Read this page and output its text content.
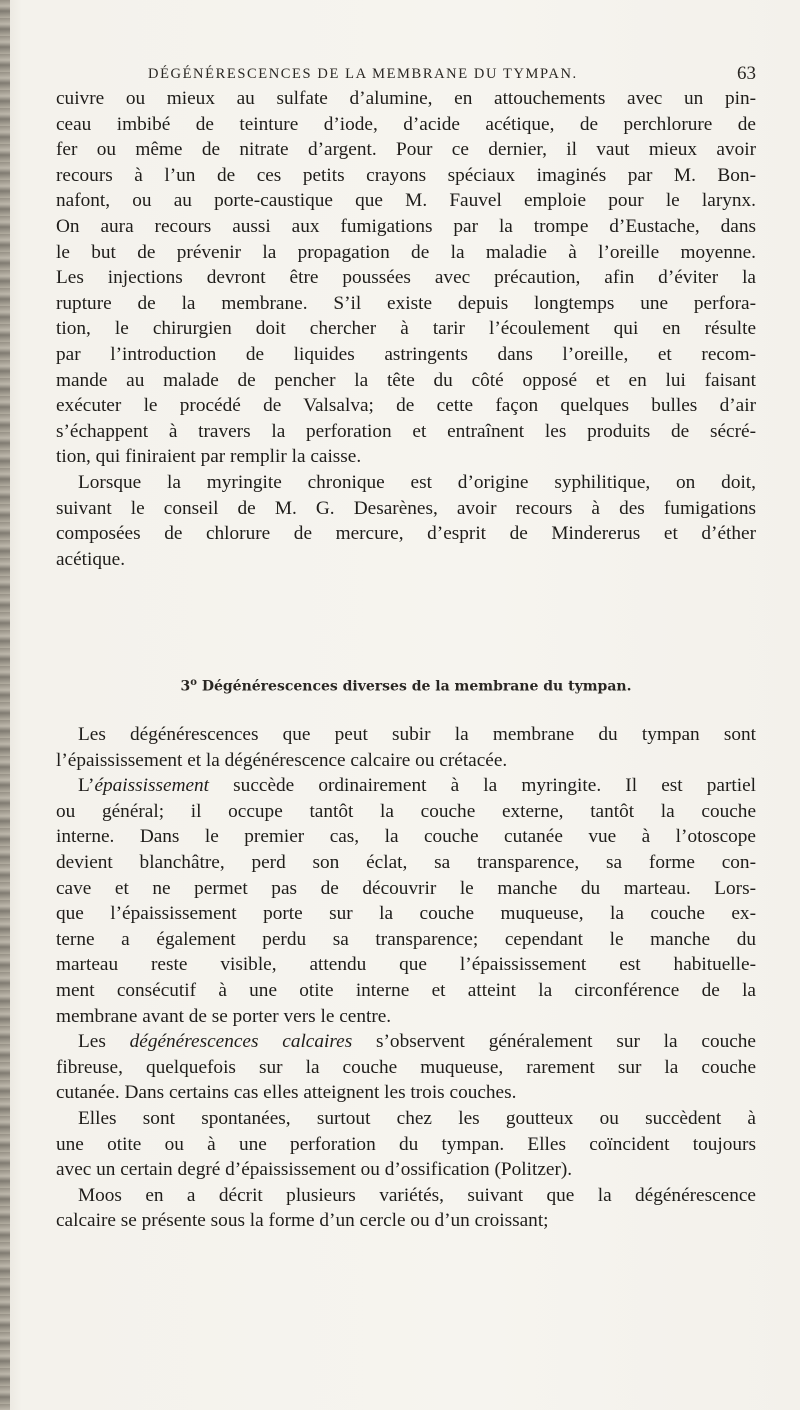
DÉGÉNÉRESCENCES DE LA MEMBRANE DU TYMPAN.	63
cuivre ou mieux au sulfate d’alumine, en attouchements avec un pin-
ceau imbibé de teinture d’iode, d’acide acétique, de perchlorure de
fer ou même de nitrate d’argent. Pour ce dernier, il vaut mieux avoir
recours à l’un de ces petits crayons spéciaux imaginés par M. Bon-
nafont, ou au porte-caustique que M. Fauvel emploie pour le larynx.
On aura recours aussi aux fumigations par la trompe d’Eustache, dans
le but de prévenir la propagation de la maladie à l’oreille moyenne.
Les injections devront être poussées avec précaution, afin d’éviter la
rupture de la membrane. S’il existe depuis longtemps une perfora-
tion, le chirurgien doit chercher à tarir l’écoulement qui en résulte
par l’introduction de liquides astringents dans l’oreille, et recom-
mande au malade de pencher la tête du côté opposé et en lui faisant
exécuter le procédé de Valsalva; de cette façon quelques bulles d’air
s’échappent à travers la perforation et entraînent les produits de sécré-
tion, qui finiraient par remplir la caisse.
Lorsque la myringite chronique est d’origine syphilitique, on doit,
suivant le conseil de M. G. Desarènes, avoir recours à des fumigations
composées de chlorure de mercure, d’esprit de Mindererus et d’éther
acétique.
3$^o$ Dégénérescences diverses de la membrane du tympan.
Les dégénérescences que peut subir la membrane du tympan sont
l’épaississement et la dégénérescence calcaire ou crétacée.
L’épaississement succède ordinairement à la myringite. Il est partiel
ou général; il occupe tantôt la couche externe, tantôt la couche
interne. Dans le premier cas, la couche cutanée vue à l’otoscope
devient blanchâtre, perd son éclat, sa transparence, sa forme con-
cave et ne permet pas de découvrir le manche du marteau. Lors-
que l’épaississement porte sur la couche muqueuse, la couche ex-
terne a également perdu sa transparence; cependant le manche du
marteau reste visible, attendu que l’épaississement est habituelle-
ment consécutif à une otite interne et atteint la circonférence de la
membrane avant de se porter vers le centre.
Les dégénérescences calcaires s’observent généralement sur la couche
fibreuse, quelquefois sur la couche muqueuse, rarement sur la couche
cutanée. Dans certains cas elles atteignent les trois couches.
Elles sont spontanées, surtout chez les goutteux ou succèdent à
une otite ou à une perforation du tympan. Elles coïncident toujours
avec un certain degré d’épaississement ou d’ossification (Politzer).
Moos en a décrit plusieurs variétés, suivant que la dégénérescence
calcaire se présente sous la forme d’un cercle ou d’un croissant;
